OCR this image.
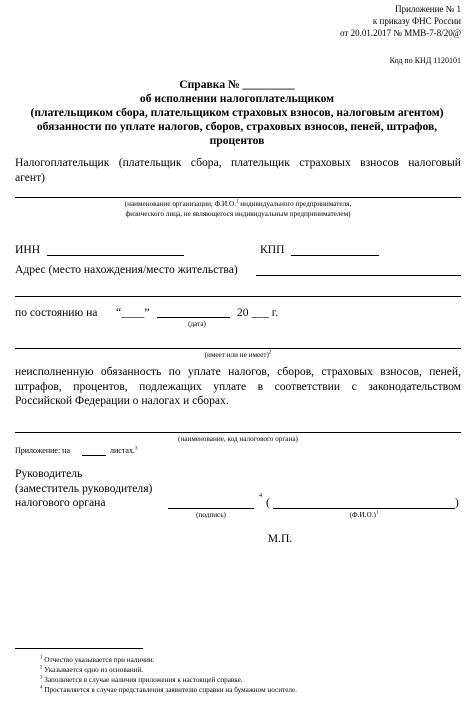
Приложение № 1
к приказу ФНС России
от 20.01.2017 № ММВ-7-8/20@
Код по КНД 1120101
Справка № _________
об исполнении налогоплательщиком
(плательщиком сбора, плательщиком страховых взносов, налоговым агентом)
обязанности по уплате налогов, сборов, страховых взносов, пеней, штрафов,
процентов
Налогоплательщик (плательщик сбора, плательщик страховых взносов налоговый
агент)
(наименование организации, Ф.И.О.$^1$ индивидуального предпринимателя,
физического лица, не являющегося индивидуальным предпринимателем)
ИНН	КПП
Адрес (место нахождения/место жительства)
по состоянию на “____”	20 ___ г.
(дата)
(имеет или не имеет)$^2$
неисполненную обязанность по уплате налогов, сборов, страховых взносов, пеней,
штрафов, процентов, подлежащих уплате в соответствии с законодательством
Российской Федерации о налогах и сборах.
(наименование, код налогового органа)
Приложение: на	листах.$^3$
Руководитель
(заместитель руководителя)
налогового органа
(подпись)
4 (	)
$(Ф.И.О.)^1$
М.П.
$^1$ Отчество указывается при наличии.
$^2$ Указывается одно из оснований.
$^3$ Заполняется в случае наличия приложения к настоящей справке.
$^4$ Проставляется в случае представления заявителю справки на бумажном носителе.
